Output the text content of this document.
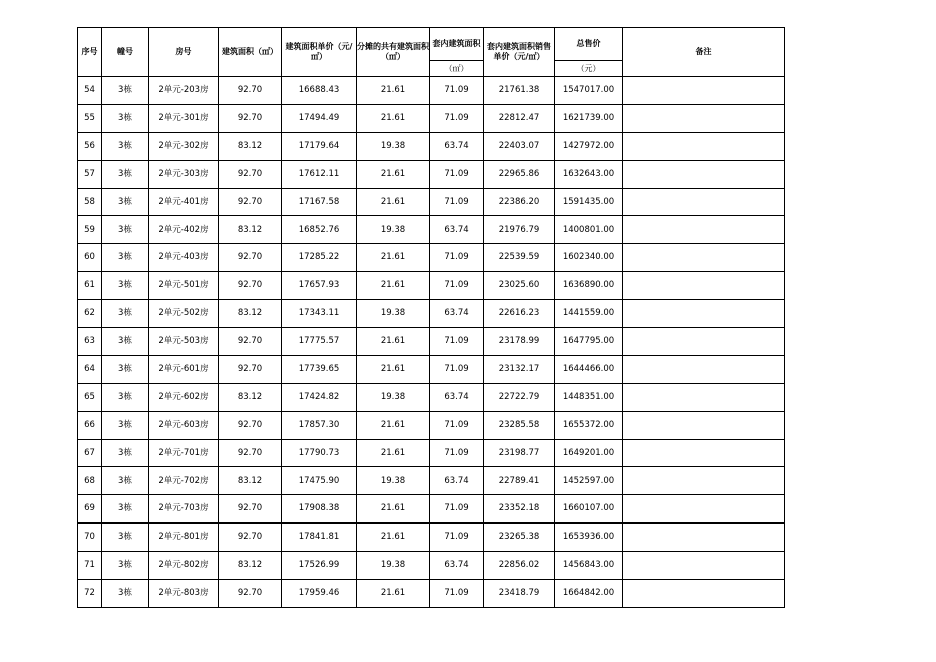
序号	幢号	房号	建筑面积（㎡）	建筑面积单价（元/㎡）	分摊的共有建筑面积（㎡）	套内建筑面积	套内建筑面积销售单价（元/㎡）	总售价	备注
						（㎡）		（元）	
54	3栋	2单元-203房	92.70	16688.43	21.61	71.09	21761.38	1547017.00	
55	3栋	2单元-301房	92.70	17494.49	21.61	71.09	22812.47	1621739.00	
56	3栋	2单元-302房	83.12	17179.64	19.38	63.74	22403.07	1427972.00	
57	3栋	2单元-303房	92.70	17612.11	21.61	71.09	22965.86	1632643.00	
58	3栋	2单元-401房	92.70	17167.58	21.61	71.09	22386.20	1591435.00	
59	3栋	2单元-402房	83.12	16852.76	19.38	63.74	21976.79	1400801.00	
60	3栋	2单元-403房	92.70	17285.22	21.61	71.09	22539.59	1602340.00	
61	3栋	2单元-501房	92.70	17657.93	21.61	71.09	23025.60	1636890.00	
62	3栋	2单元-502房	83.12	17343.11	19.38	63.74	22616.23	1441559.00	
63	3栋	2单元-503房	92.70	17775.57	21.61	71.09	23178.99	1647795.00	
64	3栋	2单元-601房	92.70	17739.65	21.61	71.09	23132.17	1644466.00	
65	3栋	2单元-602房	83.12	17424.82	19.38	63.74	22722.79	1448351.00	
66	3栋	2单元-603房	92.70	17857.30	21.61	71.09	23285.58	1655372.00	
67	3栋	2单元-701房	92.70	17790.73	21.61	71.09	23198.77	1649201.00	
68	3栋	2单元-702房	83.12	17475.90	19.38	63.74	22789.41	1452597.00	
69	3栋	2单元-703房	92.70	17908.38	21.61	71.09	23352.18	1660107.00	
70	3栋	2单元-801房	92.70	17841.81	21.61	71.09	23265.38	1653936.00	
71	3栋	2单元-802房	83.12	17526.99	19.38	63.74	22856.02	1456843.00	
72	3栋	2单元-803房	92.70	17959.46	21.61	71.09	23418.79	1664842.00	
